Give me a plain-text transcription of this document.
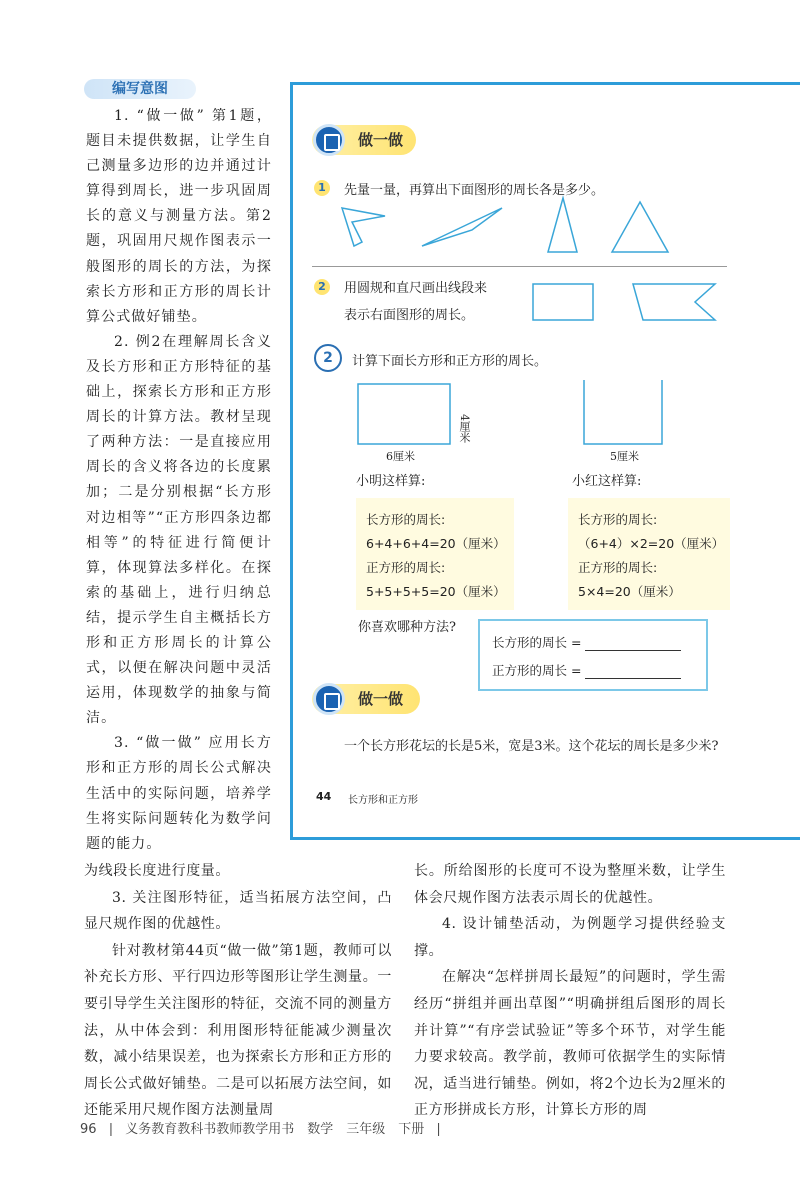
编写意图

1. “做一做” 第1题，题目未提供数据，让学生自己测量多边形的边并通过计算得到周长，进一步巩固周长的意义与测量方法。第2题，巩固用尺规作图表示一般图形的周长的方法，为探索长方形和正方形的周长计算公式做好铺垫。

2. 例2在理解周长含义及长方形和正方形特征的基础上，探索长方形和正方形周长的计算方法。教材呈现了两种方法：一是直接应用周长的含义将各边的长度累加；二是分别根据“长方形对边相等”“正方形四条边都相等”的特征进行简便计算，体现算法多样化。在探索的基础上，进行归纳总结，提示学生自主概括长方形和正方形周长的计算公式，以便在解决问题中灵活运用，体现数学的抽象与简洁。

3. “做一做” 应用长方形和正方形的周长公式解决生活中的实际问题，培养学生将实际问题转化为数学问题的能力。

做一做
1	先量一量，再算出下面图形的周长各是多少。
2	用圆规和直尺画出线段来
表示右面图形的周长。
2	计算下面长方形和正方形的周长。
6厘米
4厘米
5厘米
小明这样算:	小红这样算:
长方形的周长:
6+4+6+4=20（厘米）
正方形的周长:
5+5+5+5=20（厘米）
长方形的周长:
（6+4）×2=20（厘米）
正方形的周长:
5×4=20（厘米）
你喜欢哪种方法?
长方形的周长 =
正方形的周长 =
做一做
一个长方形花坛的长是5米，宽是3米。这个花坛的周长是多少米?
44 长方形和正方形

为线段长度进行度量。

3. 关注图形特征，适当拓展方法空间，凸显尺规作图的优越性。

针对教材第44页“做一做”第1题，教师可以补充长方形、平行四边形等图形让学生测量。一要引导学生关注图形的特征，交流不同的测量方法，从中体会到：利用图形特征能减少测量次数，减小结果误差，也为探索长方形和正方形的周长公式做好铺垫。二是可以拓展方法空间，如还能采用尺规作图方法测量周

长。所给图形的长度可不设为整厘米数，让学生体会尺规作图方法表示周长的优越性。

4. 设计铺垫活动，为例题学习提供经验支撑。

在解决“怎样拼周长最短”的问题时，学生需经历“拼组并画出草图”“明确拼组后图形的周长并计算”“有序尝试验证”等多个环节，对学生能力要求较高。教学前，教师可依据学生的实际情况，适当进行铺垫。例如，将2个边长为2厘米的正方形拼成长方形，计算长方形的周

96 | 义务教育教科书教师教学用书　数学　三年级　下册 |
